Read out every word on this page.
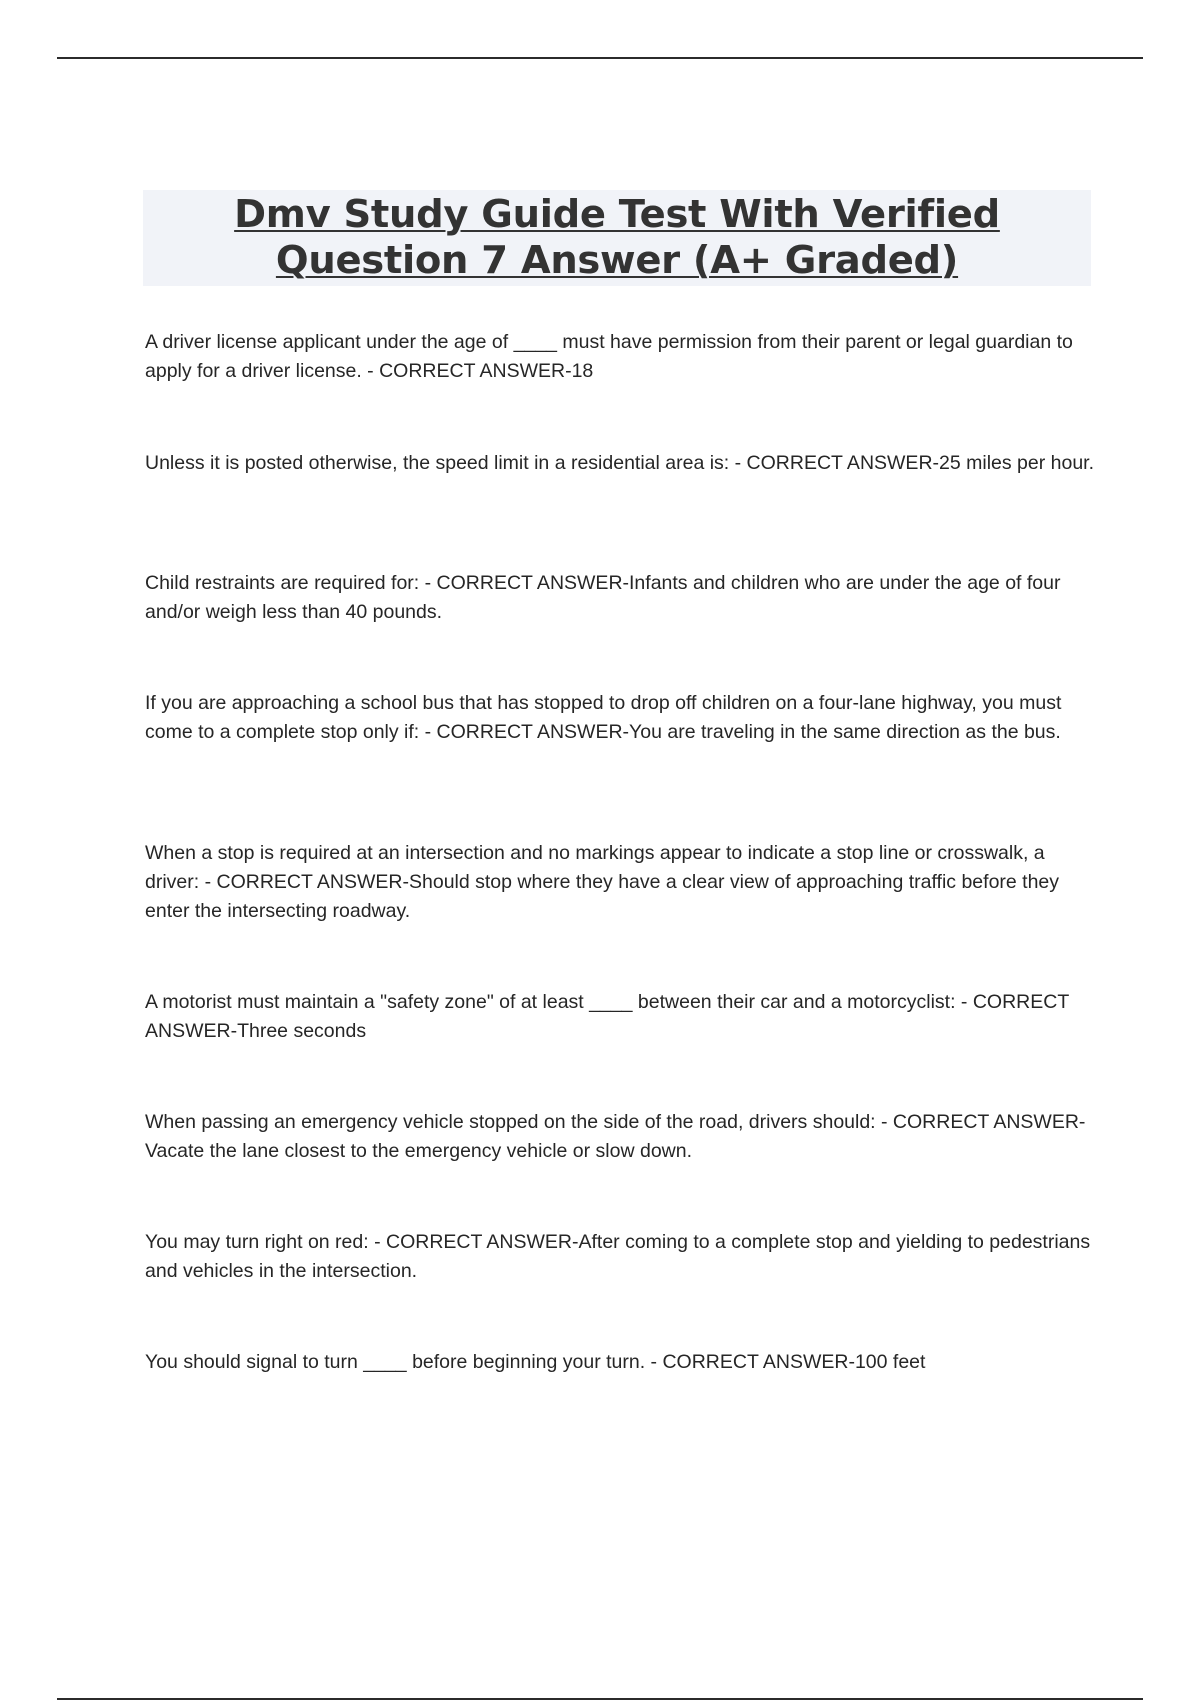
Dmv Study Guide Test With Verified Question 7 Answer (A+ Graded)

A driver license applicant under the age of ____ must have permission from their parent or legal guardian to apply for a driver license. - CORRECT ANSWER-18

Unless it is posted otherwise, the speed limit in a residential area is: - CORRECT ANSWER-25 miles per hour.

Child restraints are required for: - CORRECT ANSWER-Infants and children who are under the age of four and/or weigh less than 40 pounds.

If you are approaching a school bus that has stopped to drop off children on a four-lane highway, you must come to a complete stop only if: - CORRECT ANSWER-You are traveling in the same direction as the bus.

When a stop is required at an intersection and no markings appear to indicate a stop line or crosswalk, a driver: - CORRECT ANSWER-Should stop where they have a clear view of approaching traffic before they enter the intersecting roadway.

A motorist must maintain a "safety zone" of at least ____ between their car and a motorcyclist: - CORRECT ANSWER-Three seconds

When passing an emergency vehicle stopped on the side of the road, drivers should: - CORRECT ANSWER-Vacate the lane closest to the emergency vehicle or slow down.

You may turn right on red: - CORRECT ANSWER-After coming to a complete stop and yielding to pedestrians and vehicles in the intersection.

You should signal to turn ____ before beginning your turn. - CORRECT ANSWER-100 feet
